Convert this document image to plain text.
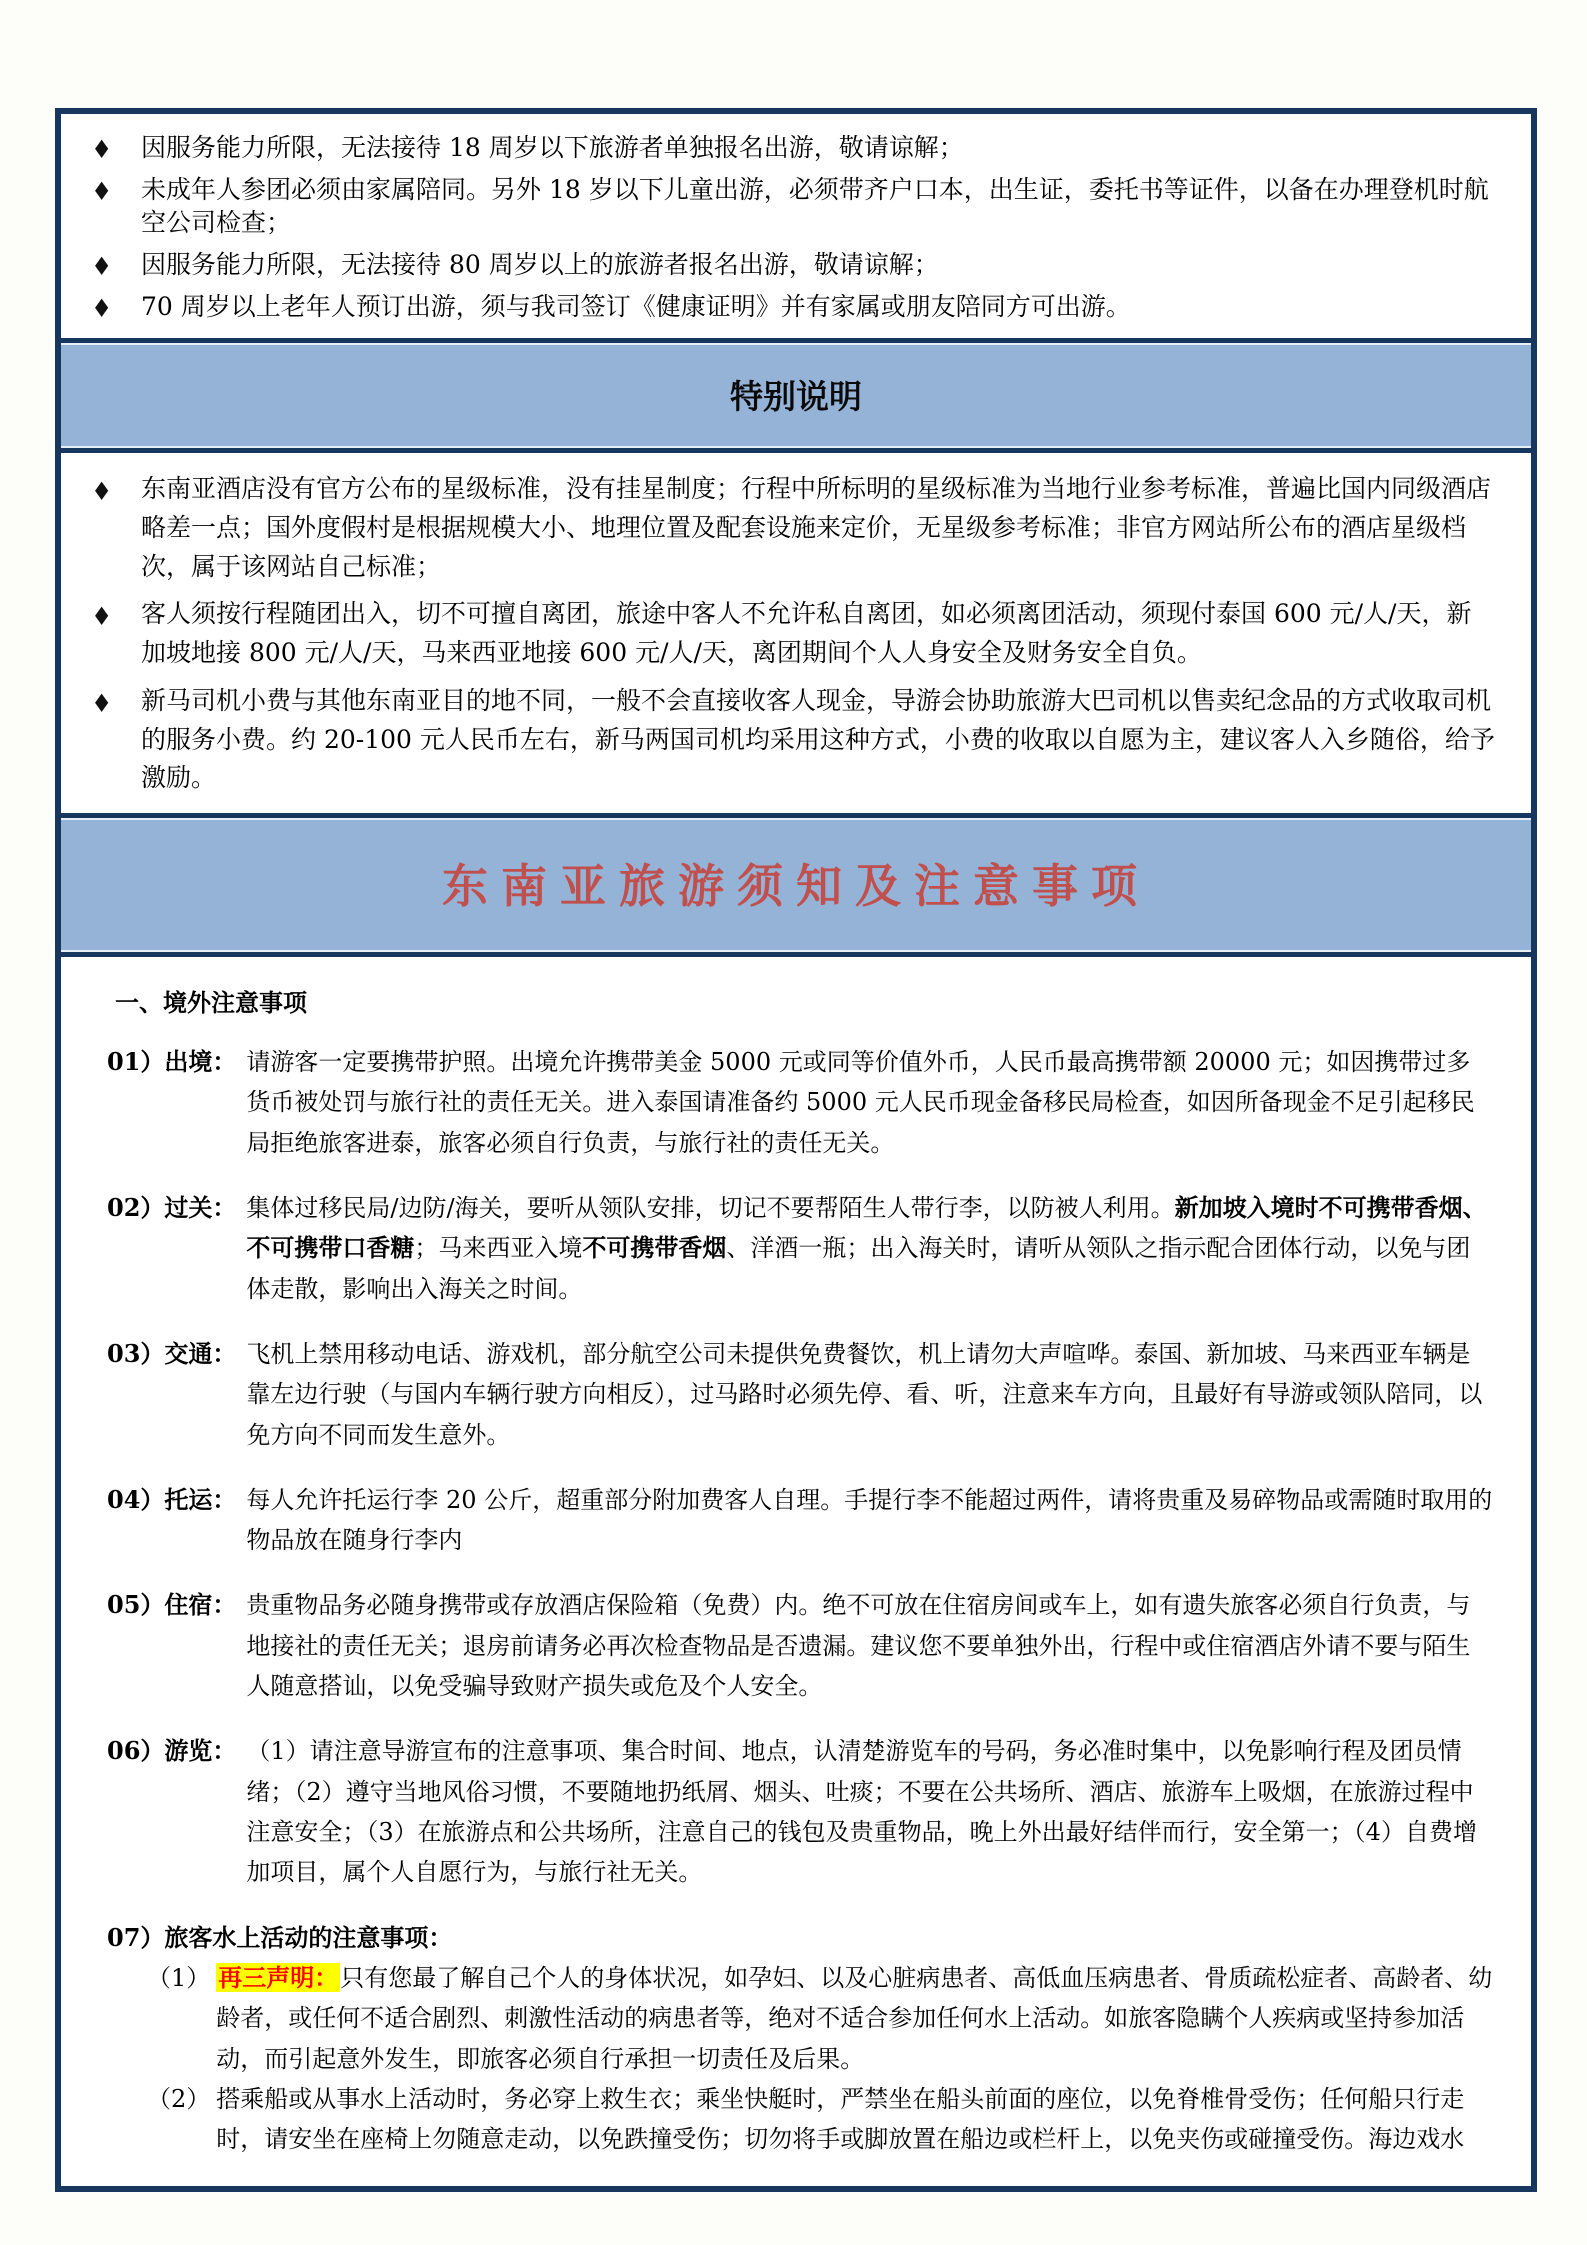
◆	因服务能力所限，无法接待 18 周岁以下旅游者单独报名出游，敬请谅解；
◆	未成年人参团必须由家属陪同。另外 18 岁以下儿童出游，必须带齐户口本，出生证，委托书等证件，以备在办理登机时航空公司检查；
◆	因服务能力所限，无法接待 80 周岁以上的旅游者报名出游，敬请谅解；
◆	70 周岁以上老年人预订出游，须与我司签订《健康证明》并有家属或朋友陪同方可出游。
特别说明
◆	东南亚酒店没有官方公布的星级标准，没有挂星制度；行程中所标明的星级标准为当地行业参考标准，普遍比国内同级酒店略差一点；国外度假村是根据规模大小、地理位置及配套设施来定价，无星级参考标准；非官方网站所公布的酒店星级档次，属于该网站自己标准；
◆	客人须按行程随团出入，切不可擅自离团，旅途中客人不允许私自离团，如必须离团活动，须现付泰国 600 元/人/天，新加坡地接 800 元/人/天，马来西亚地接 600 元/人/天，离团期间个人人身安全及财务安全自负。
◆	新马司机小费与其他东南亚目的地不同，一般不会直接收客人现金，导游会协助旅游大巴司机以售卖纪念品的方式收取司机的服务小费。约 20-100 元人民币左右，新马两国司机均采用这种方式，小费的收取以自愿为主，建议客人入乡随俗，给予激励。
东南亚旅游须知及注意事项
一、境外注意事项
01）出境： 请游客一定要携带护照。出境允许携带美金 5000 元或同等价值外币，人民币最高携带额 20000 元；如因携带过多货币被处罚与旅行社的责任无关。进入泰国请准备约 5000 元人民币现金备移民局检查，如因所备现金不足引起移民局拒绝旅客进泰，旅客必须自行负责，与旅行社的责任无关。
02）过关： 集体过移民局/边防/海关，要听从领队安排，切记不要帮陌生人带行李，以防被人利用。新加坡入境时不可携带香烟、不可携带口香糖；马来西亚入境不可携带香烟、洋酒一瓶；出入海关时，请听从领队之指示配合团体行动，以免与团体走散，影响出入海关之时间。
03）交通： 飞机上禁用移动电话、游戏机，部分航空公司未提供免费餐饮，机上请勿大声喧哗。泰国、新加坡、马来西亚车辆是靠左边行驶（与国内车辆行驶方向相反），过马路时必须先停、看、听，注意来车方向，且最好有导游或领队陪同，以免方向不同而发生意外。
04）托运： 每人允许托运行李 20 公斤，超重部分附加费客人自理。手提行李不能超过两件，请将贵重及易碎物品或需随时取用的物品放在随身行李内
05）住宿： 贵重物品务必随身携带或存放酒店保险箱（免费）内。绝不可放在住宿房间或车上，如有遗失旅客必须自行负责，与地接社的责任无关；退房前请务必再次检查物品是否遗漏。建议您不要单独外出，行程中或住宿酒店外请不要与陌生人随意搭讪，以免受骗导致财产损失或危及个人安全。
06）游览： （1）请注意导游宣布的注意事项、集合时间、地点，认清楚游览车的号码，务必准时集中，以免影响行程及团员情绪；（2）遵守当地风俗习惯，不要随地扔纸屑、烟头、吐痰；不要在公共场所、酒店、旅游车上吸烟，在旅游过程中注意安全；（3）在旅游点和公共场所，注意自己的钱包及贵重物品，晚上外出最好结伴而行，安全第一；（4）自费增加项目，属个人自愿行为，与旅行社无关。
07）旅客水上活动的注意事项：
（1） 再三声明：只有您最了解自己个人的身体状况，如孕妇、以及心脏病患者、高低血压病患者、骨质疏松症者、高龄者、幼龄者，或任何不适合剧烈、刺激性活动的病患者等，绝对不适合参加任何水上活动。如旅客隐瞒个人疾病或坚持参加活动，而引起意外发生，即旅客必须自行承担一切责任及后果。
（2） 搭乘船或从事水上活动时，务必穿上救生衣；乘坐快艇时，严禁坐在船头前面的座位，以免脊椎骨受伤；任何船只行走时，请安坐在座椅上勿随意走动，以免跌撞受伤；切勿将手或脚放置在船边或栏杆上，以免夹伤或碰撞受伤。海边戏水
